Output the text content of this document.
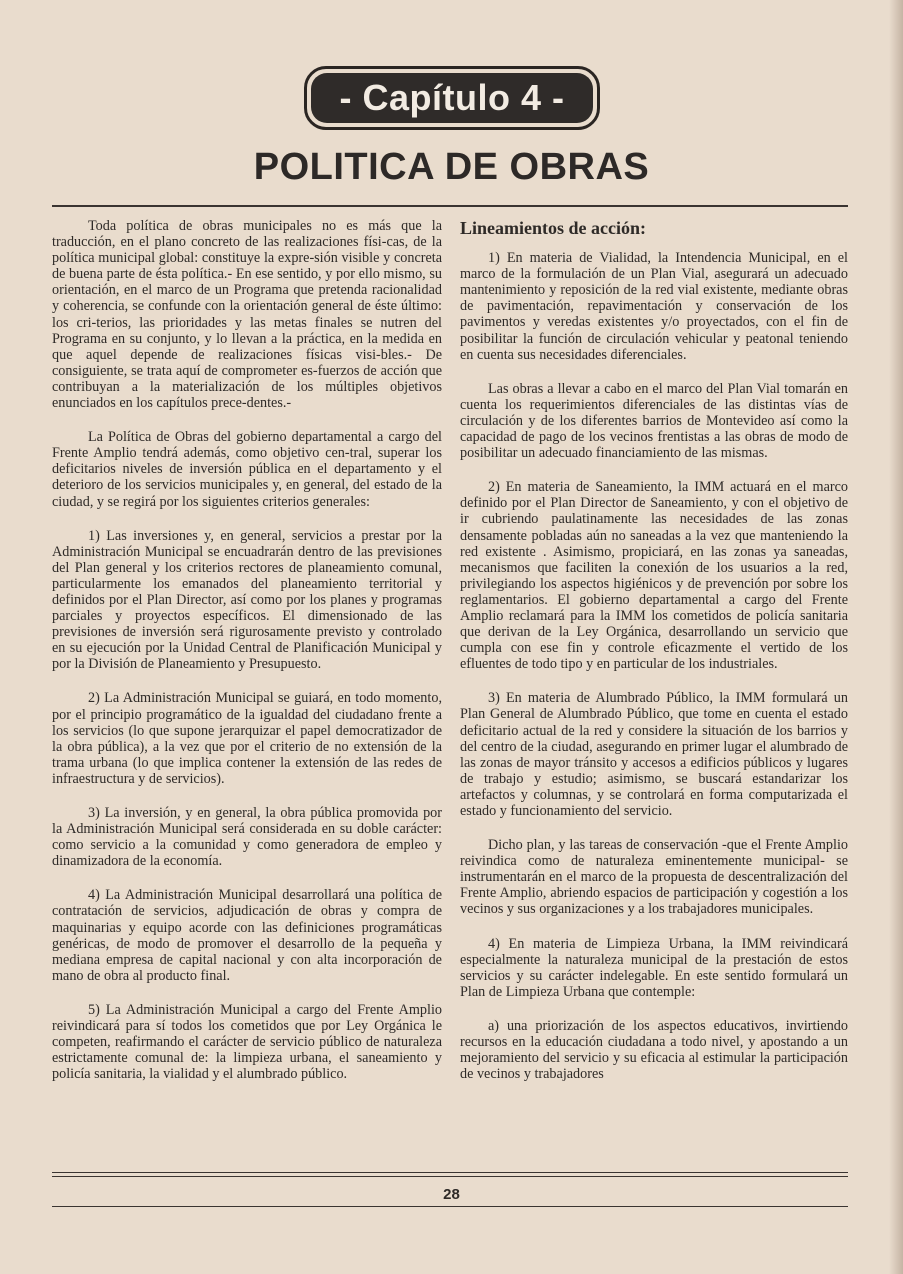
- Capítulo 4 -
POLITICA DE OBRAS

Toda política de obras municipales no es más que la traducción, en el plano concreto de las realizaciones físi-cas, de la política municipal global: constituye la expre-sión visible y concreta de buena parte de ésta política.- En ese sentido, y por ello mismo, su orientación, en el marco de un Programa que pretenda racionalidad y coherencia, se confunde con la orientación general de éste último: los cri-terios, las prioridades y las metas finales se nutren del Programa en su conjunto, y lo llevan a la práctica, en la medida en que aquel depende de realizaciones físicas visi-bles.- De consiguiente, se trata aquí de comprometer es-fuerzos de acción que contribuyan a la materialización de los múltiples objetivos enunciados en los capítulos prece-dentes.-

La Política de Obras del gobierno departamental a cargo del Frente Amplio tendrá además, como objetivo cen-tral, superar los deficitarios niveles de inversión pública en el departamento y el deterioro de los servicios municipales y, en general, del estado de la ciudad, y se regirá por los siguientes criterios generales:

1) Las inversiones y, en general, servicios a prestar por la Administración Municipal se encuadrarán dentro de las previsiones del Plan general y los criterios rectores de planeamiento comunal, particularmente los emanados del planeamiento territorial y definidos por el Plan Director, así como por los planes y programas parciales y proyectos específicos. El dimensionado de las previsiones de inversión será rigurosamente previsto y controlado en su ejecución por la Unidad Central de Planificación Municipal y por la División de Planeamiento y Presupuesto.

2) La Administración Municipal se guiará, en todo momento, por el principio programático de la igualdad del ciudadano frente a los servicios (lo que supone jerarquizar el papel democratizador de la obra pública), a la vez que por el criterio de no extensión de la trama urbana (lo que implica contener la extensión de las redes de infraestructura y de servicios).

3) La inversión, y en general, la obra pública promovida por la Administración Municipal será considerada en su doble carácter: como servicio a la comunidad y como generadora de empleo y dinamizadora de la economía.

4) La Administración Municipal desarrollará una política de contratación de servicios, adjudicación de obras y compra de maquinarias y equipo acorde con las definiciones programáticas genéricas, de modo de promover el desarrollo de la pequeña y mediana empresa de capital nacional y con alta incorporación de mano de obra al producto final.

5) La Administración Municipal a cargo del Frente Amplio reivindicará para sí todos los cometidos que por Ley Orgánica le competen, reafirmando el carácter de servicio público de naturaleza estrictamente comunal de: la limpieza urbana, el saneamiento y policía sanitaria, la vialidad y el alumbrado público.

Lineamientos de acción:

1) En materia de Vialidad, la Intendencia Municipal, en el marco de la formulación de un Plan Vial, asegurará un adecuado mantenimiento y reposición de la red vial existente, mediante obras de pavimentación, repavimentación y conservación de los pavimentos y veredas existentes y/o proyectados, con el fin de posibilitar la función de circulación vehicular y peatonal teniendo en cuenta sus necesidades diferenciales.

Las obras a llevar a cabo en el marco del Plan Vial tomarán en cuenta los requerimientos diferenciales de las distintas vías de circulación y de los diferentes barrios de Montevideo así como la capacidad de pago de los vecinos frentistas a las obras de modo de posibilitar un adecuado financiamiento de las mismas.

2) En materia de Saneamiento, la IMM actuará en el marco definido por el Plan Director de Saneamiento, y con el objetivo de ir cubriendo paulatinamente las necesidades de las zonas densamente pobladas aún no saneadas a la vez que manteniendo la red existente . Asimismo, propiciará, en las zonas ya saneadas, mecanismos que faciliten la conexión de los usuarios a la red, privilegiando los aspectos higiénicos y de prevención por sobre los reglamentarios. El gobierno departamental a cargo del Frente Amplio reclamará para la IMM los cometidos de policía sanitaria que derivan de la Ley Orgánica, desarrollando un servicio que cumpla con ese fin y controle eficazmente el vertido de los efluentes de todo tipo y en particular de los industriales.

3) En materia de Alumbrado Público, la IMM formulará un Plan General de Alumbrado Público, que tome en cuenta el estado deficitario actual de la red y considere la situación de los barrios y del centro de la ciudad, asegurando en primer lugar el alumbrado de las zonas de mayor tránsito y accesos a edificios públicos y lugares de trabajo y estudio; asimismo, se buscará estandarizar los artefactos y columnas, y se controlará en forma computarizada el estado y funcionamiento del servicio.

Dicho plan, y las tareas de conservación -que el Frente Amplio reivindica como de naturaleza eminentemente municipal- se instrumentarán en el marco de la propuesta de descentralización del Frente Amplio, abriendo espacios de participación y cogestión a los vecinos y sus organizaciones y a los trabajadores municipales.

4) En materia de Limpieza Urbana, la IMM reivindicará especialmente la naturaleza municipal de la prestación de estos servicios y su carácter indelegable. En este sentido formulará un Plan de Limpieza Urbana que contemple:

a) una priorización de los aspectos educativos, invirtiendo recursos en la educación ciudadana a todo nivel, y apostando a un mejoramiento del servicio y su eficacia al estimular la participación de vecinos y trabajadores

28
